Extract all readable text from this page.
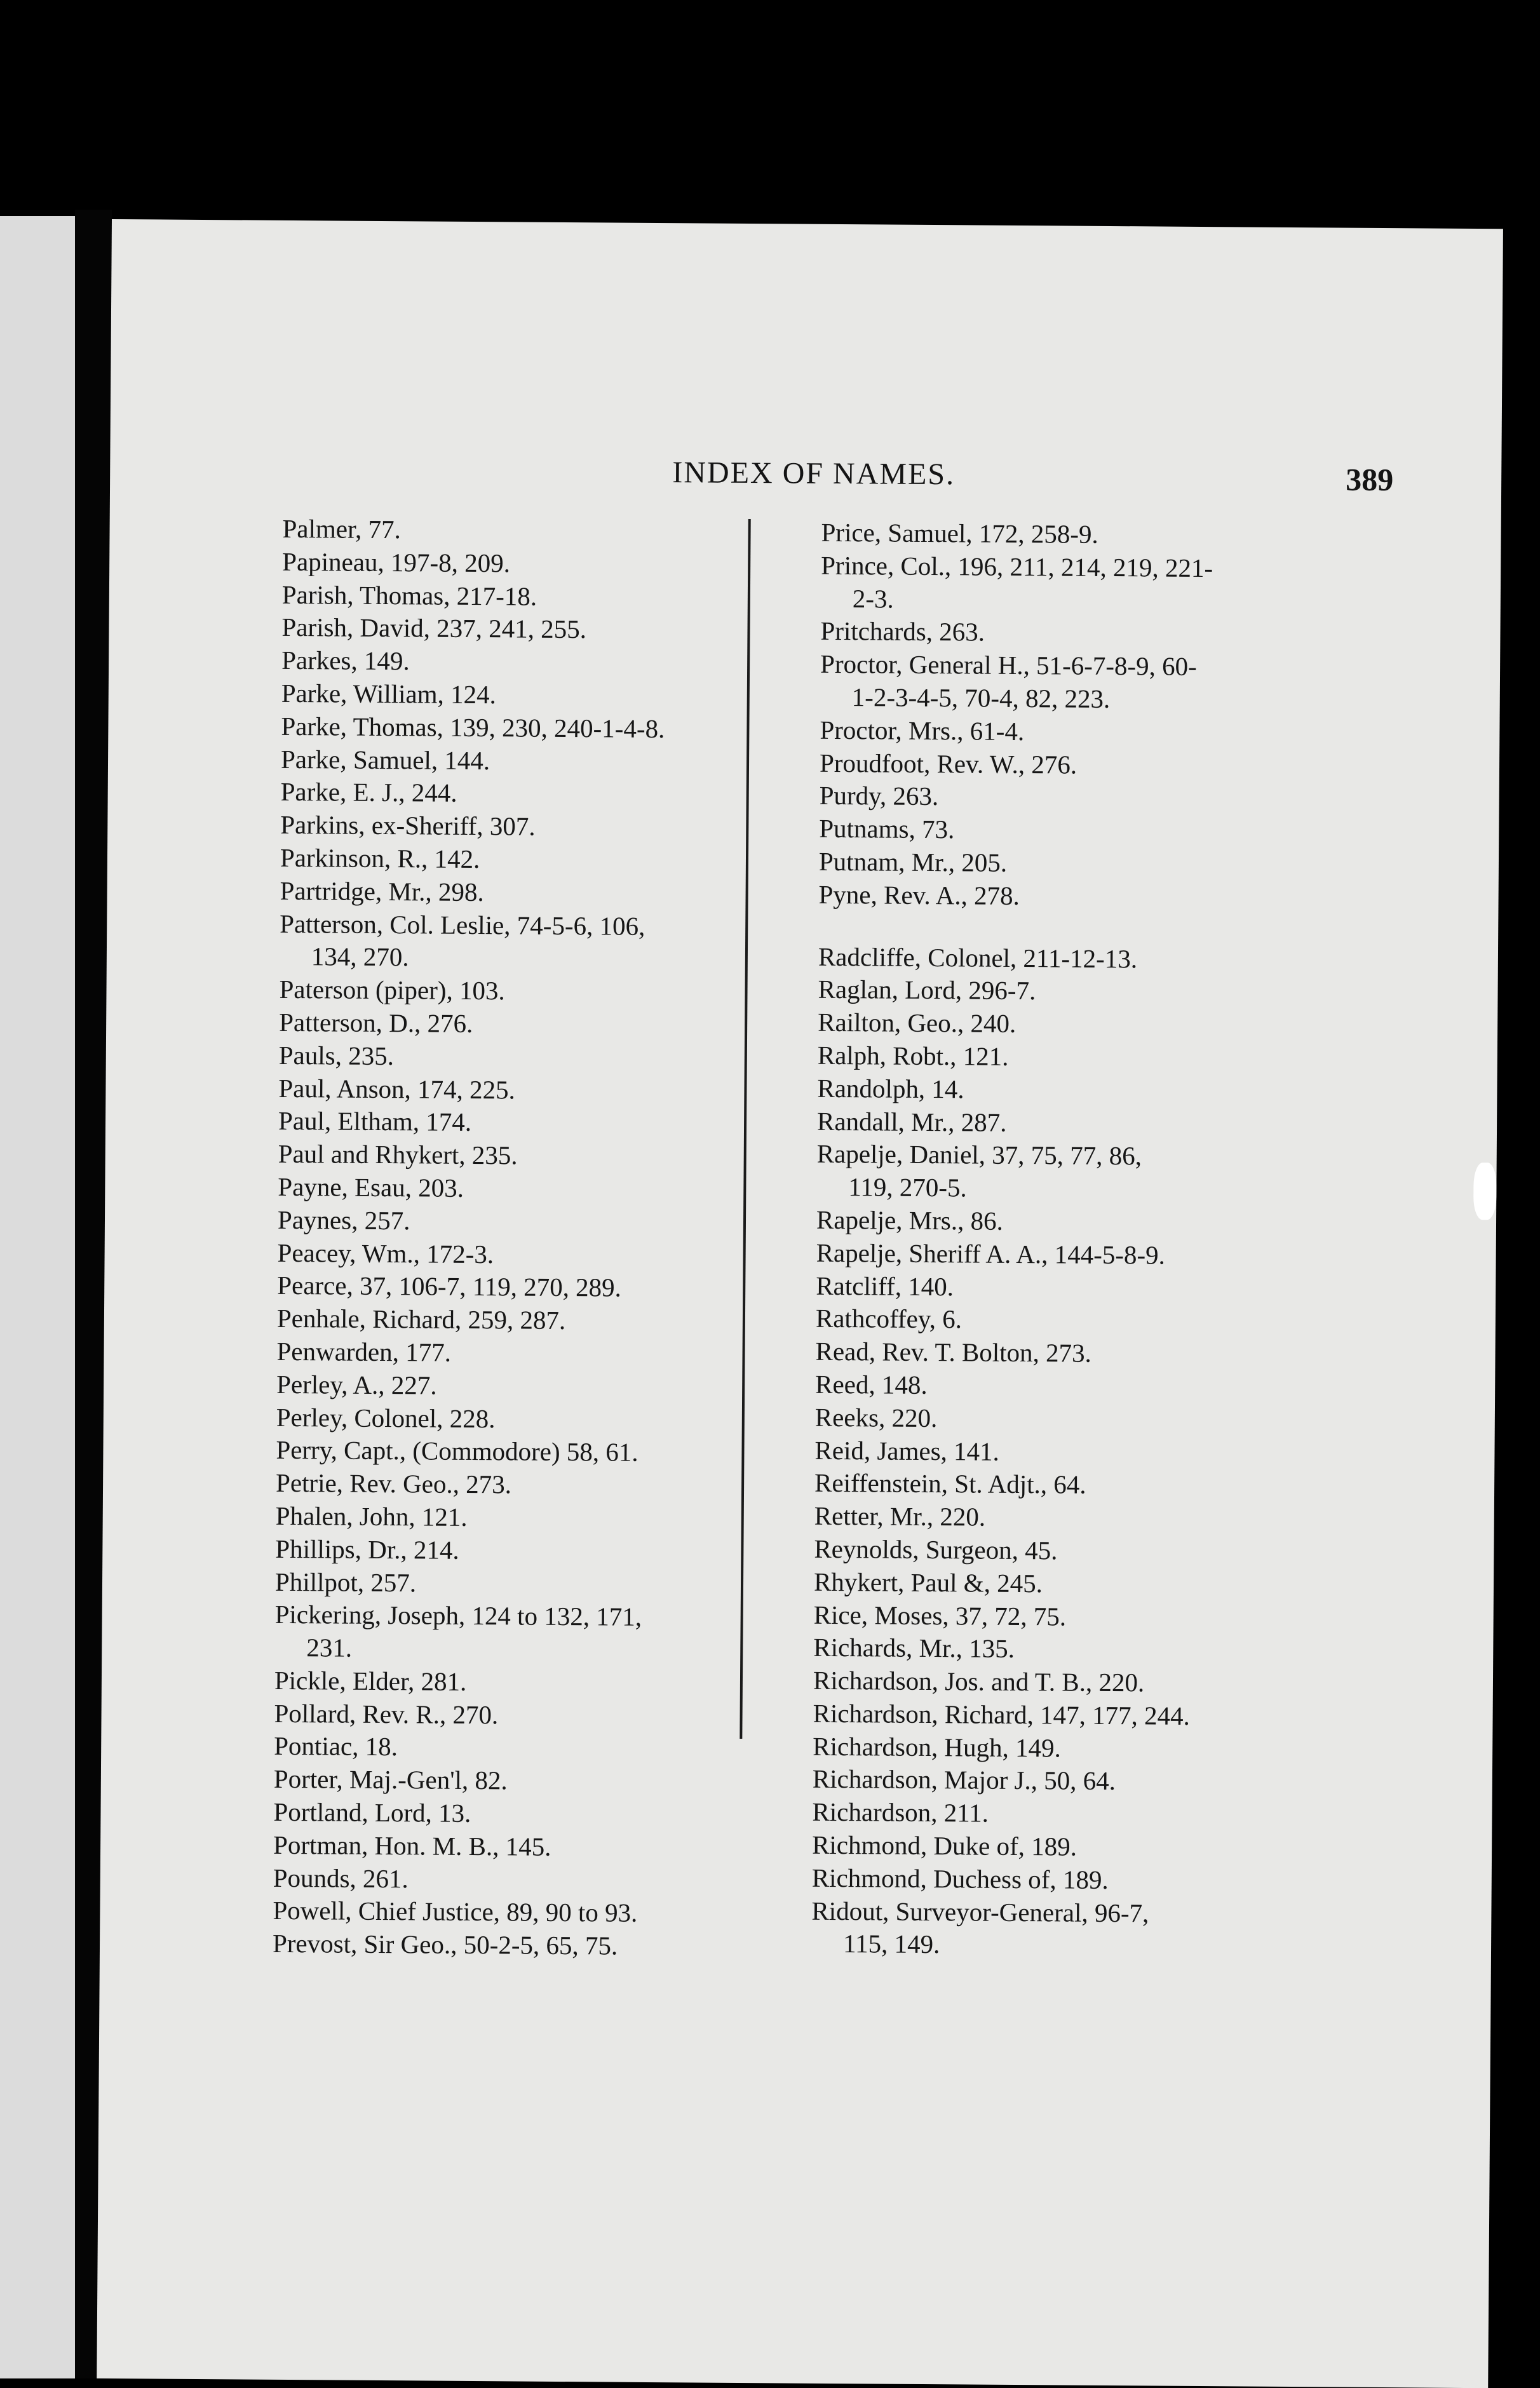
INDEX OF NAMES.	389
Palmer, 77.
Papineau, 197-8, 209.
Parish, Thomas, 217-18.
Parish, David, 237, 241, 255.
Parkes, 149.
Parke, William, 124.
Parke, Thomas, 139, 230, 240-1-4-8.
Parke, Samuel, 144.
Parke, E. J., 244.
Parkins, ex-Sheriff, 307.
Parkinson, R., 142.
Partridge, Mr., 298.
Patterson, Col. Leslie, 74-5-6, 106,
134, 270.
Paterson (piper), 103.
Patterson, D., 276.
Pauls, 235.
Paul, Anson, 174, 225.
Paul, Eltham, 174.
Paul and Rhykert, 235.
Payne, Esau, 203.
Paynes, 257.
Peacey, Wm., 172-3.
Pearce, 37, 106-7, 119, 270, 289.
Penhale, Richard, 259, 287.
Penwarden, 177.
Perley, A., 227.
Perley, Colonel, 228.
Perry, Capt., (Commodore) 58, 61.
Petrie, Rev. Geo., 273.
Phalen, John, 121.
Phillips, Dr., 214.
Phillpot, 257.
Pickering, Joseph, 124 to 132, 171,
231.
Pickle, Elder, 281.
Pollard, Rev. R., 270.
Pontiac, 18.
Porter, Maj.-Gen'l, 82.
Portland, Lord, 13.
Portman, Hon. M. B., 145.
Pounds, 261.
Powell, Chief Justice, 89, 90 to 93.
Prevost, Sir Geo., 50-2-5, 65, 75.
Price, Samuel, 172, 258-9.
Prince, Col., 196, 211, 214, 219, 221-
2-3.
Pritchards, 263.
Proctor, General H., 51-6-7-8-9, 60-
1-2-3-4-5, 70-4, 82, 223.
Proctor, Mrs., 61-4.
Proudfoot, Rev. W., 276.
Purdy, 263.
Putnams, 73.
Putnam, Mr., 205.
Pyne, Rev. A., 278.
Radcliffe, Colonel, 211-12-13.
Raglan, Lord, 296-7.
Railton, Geo., 240.
Ralph, Robt., 121.
Randolph, 14.
Randall, Mr., 287.
Rapelje, Daniel, 37, 75, 77, 86,
119, 270-5.
Rapelje, Mrs., 86.
Rapelje, Sheriff A. A., 144-5-8-9.
Ratcliff, 140.
Rathcoffey, 6.
Read, Rev. T. Bolton, 273.
Reed, 148.
Reeks, 220.
Reid, James, 141.
Reiffenstein, St. Adjt., 64.
Retter, Mr., 220.
Reynolds, Surgeon, 45.
Rhykert, Paul &, 245.
Rice, Moses, 37, 72, 75.
Richards, Mr., 135.
Richardson, Jos. and T. B., 220.
Richardson, Richard, 147, 177, 244.
Richardson, Hugh, 149.
Richardson, Major J., 50, 64.
Richardson, 211.
Richmond, Duke of, 189.
Richmond, Duchess of, 189.
Ridout, Surveyor-General, 96-7,
115, 149.
